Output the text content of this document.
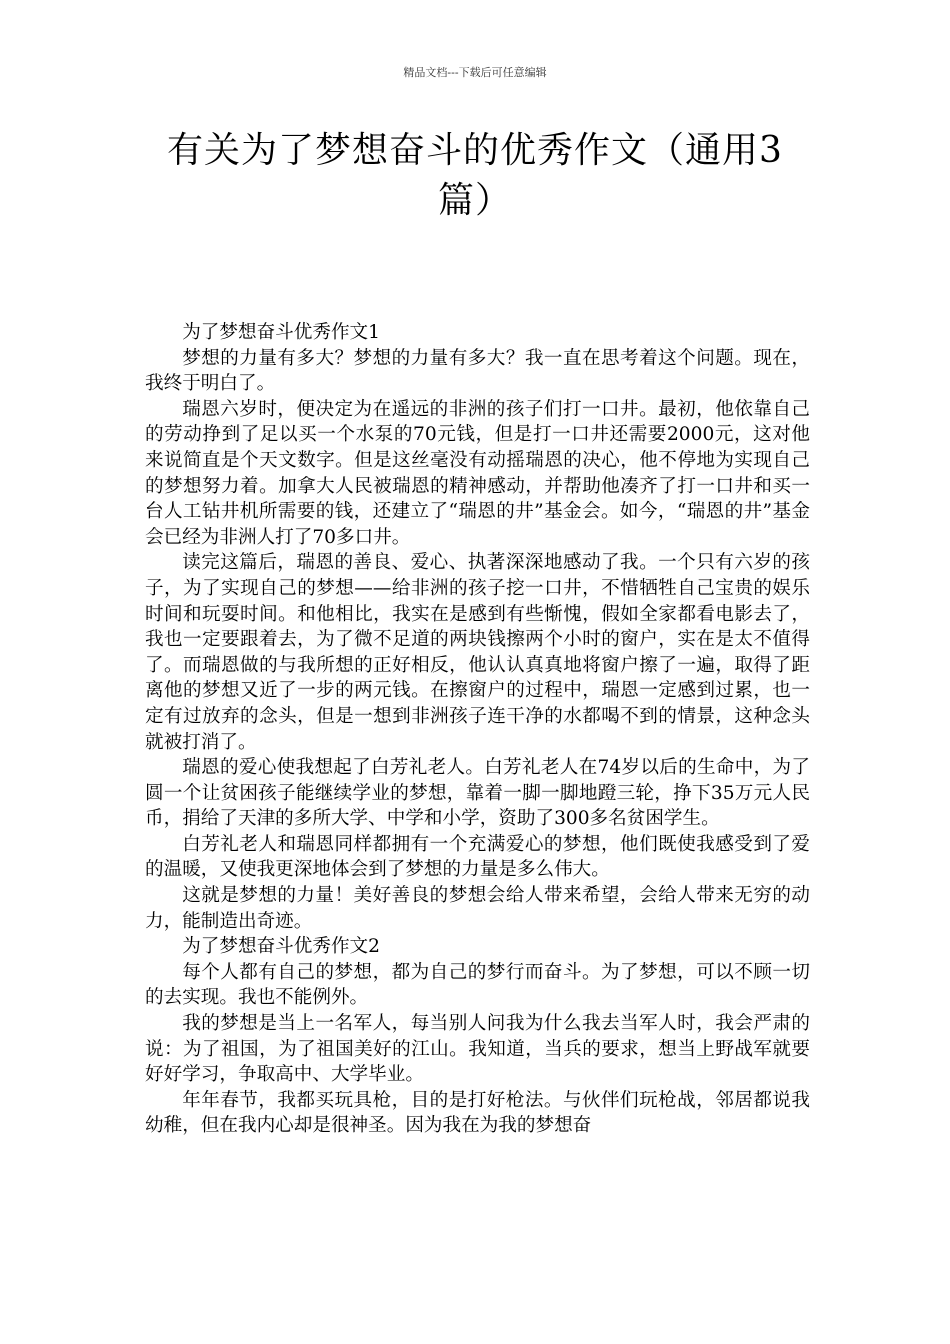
精品文档---下载后可任意编辑
有关为了梦想奋斗的优秀作文（通用3
篇）

为了梦想奋斗优秀作文1

梦想的力量有多大？梦想的力量有多大？我一直在思考着这个问题。现在，我终于明白了。

瑞恩六岁时，便决定为在遥远的非洲的孩子们打一口井。最初，他依靠自己的劳动挣到了足以买一个水泵的70元钱，但是打一口井还需要2000元，这对他来说简直是个天文数字。但是这丝毫没有动摇瑞恩的决心，他不停地为实现自己的梦想努力着。加拿大人民被瑞恩的精神感动，并帮助他凑齐了打一口井和买一台人工钻井机所需要的钱，还建立了“瑞恩的井”基金会。如今，“瑞恩的井”基金会已经为非洲人打了70多口井。

读完这篇后，瑞恩的善良、爱心、执著深深地感动了我。一个只有六岁的孩子，为了实现自己的梦想——给非洲的孩子挖一口井，不惜牺牲自己宝贵的娱乐时间和玩耍时间。和他相比，我实在是感到有些惭愧，假如全家都看电影去了，我也一定要跟着去，为了微不足道的两块钱擦两个小时的窗户，实在是太不值得了。而瑞恩做的与我所想的正好相反，他认认真真地将窗户擦了一遍，取得了距离他的梦想又近了一步的两元钱。在擦窗户的过程中，瑞恩一定感到过累，也一定有过放弃的念头，但是一想到非洲孩子连干净的水都喝不到的情景，这种念头就被打消了。

瑞恩的爱心使我想起了白芳礼老人。白芳礼老人在74岁以后的生命中，为了圆一个让贫困孩子能继续学业的梦想，靠着一脚一脚地蹬三轮，挣下35万元人民币，捐给了天津的多所大学、中学和小学，资助了300多名贫困学生。

白芳礼老人和瑞恩同样都拥有一个充满爱心的梦想，他们既使我感受到了爱的温暖，又使我更深地体会到了梦想的力量是多么伟大。

这就是梦想的力量！美好善良的梦想会给人带来希望，会给人带来无穷的动力，能制造出奇迹。

为了梦想奋斗优秀作文2

每个人都有自己的梦想，都为自己的梦行而奋斗。为了梦想，可以不顾一切的去实现。我也不能例外。

我的梦想是当上一名军人，每当别人问我为什么我去当军人时，我会严肃的说：为了祖国，为了祖国美好的江山。我知道，当兵的要求，想当上野战军就要好好学习，争取高中、大学毕业。

年年春节，我都买玩具枪，目的是打好枪法。与伙伴们玩枪战，邻居都说我幼稚，但在我内心却是很神圣。因为我在为我的梦想奋
